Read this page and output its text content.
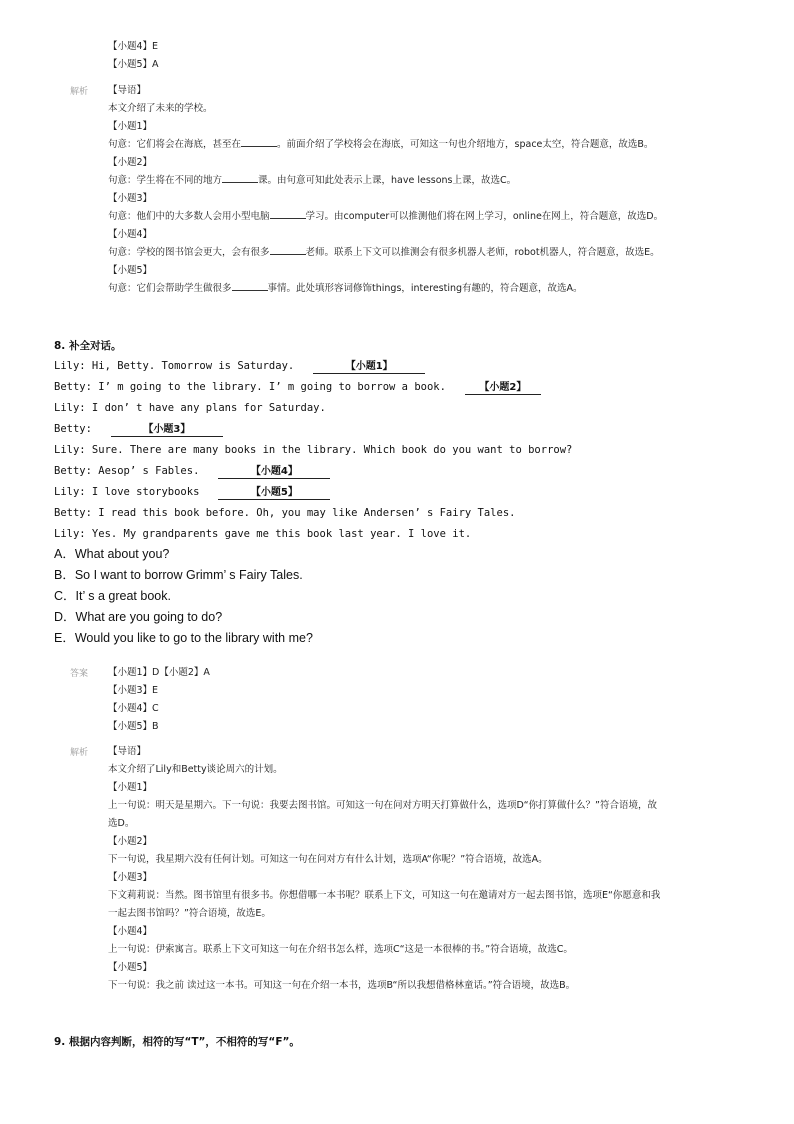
【小题4】E
【小题5】A
解析 【导语】
本文介绍了未来的学校。
【小题1】
句意：它们将会在海底，甚至在	。前面介绍了学校将会在海底，可知这一句也介绍地方，space太空，符合题意，故选B。
【小题2】
句意：学生将在不同的地方	课。由句意可知此处表示上课，have lessons上课，故选C。
【小题3】
句意：他们中的大多数人会用小型电脑	学习。由computer可以推测他们将在网上学习，online在网上，符合题意，故选D。
【小题4】
句意：学校的图书馆会更大，会有很多	老师。联系上下文可以推测会有很多机器人老师，robot机器人，符合题意，故选E。
【小题5】
句意：它们会帮助学生做很多	事情。此处填形容词修饰things，interesting有趣的，符合题意，故选A。
8. 补全对话。
Lily: Hi, Betty. Tomorrow is Saturday.	【小题1】
Betty: I’ m going to the library. I’ m going to borrow a book.	【小题2】
Lily: I don’ t have any plans for Saturday.
Betty:	【小题3】
Lily: Sure. There are many books in the library. Which book do you want to borrow?
Betty: Aesop’ s Fables.	【小题4】
Lily: I love storybooks	【小题5】
Betty: I read this book before. Oh, you may like Andersen’ s Fairy Tales.
Lily: Yes. My grandparents gave me this book last year. I love it.
A．What about you?
B．So I want to borrow Grimm’ s Fairy Tales.
C．It’ s a great book.
D．What are you going to do?
E．Would you like to go to the library with me?
答案 【小题1】D【小题2】A
【小题3】E
【小题4】C
【小题5】B
解析 【导语】
本文介绍了Lily和Betty谈论周六的计划。
【小题1】
上一句说：明天是星期六。下一句说：我要去图书馆。可知这一句在问对方明天打算做什么，选项D“你打算做什么？”符合语境，故
选D。
【小题2】
下一句说，我星期六没有任何计划。可知这一句在问对方有什么计划，选项A“你呢？”符合语境，故选A。
【小题3】
下文莉莉说：当然。图书馆里有很多书。你想借哪一本书呢？联系上下文，可知这一句在邀请对方一起去图书馆，选项E“你愿意和我
一起去图书馆吗？”符合语境，故选E。
【小题4】
上一句说：伊索寓言。联系上下文可知这一句在介绍书怎么样，选项C“这是一本很棒的书。”符合语境，故选C。
【小题5】
下一句说：我之前 读过这一本书。可知这一句在介绍一本书，选项B“所以我想借格林童话。”符合语境，故选B。
9. 根据内容判断，相符的写“T”，不相符的写“F”。
